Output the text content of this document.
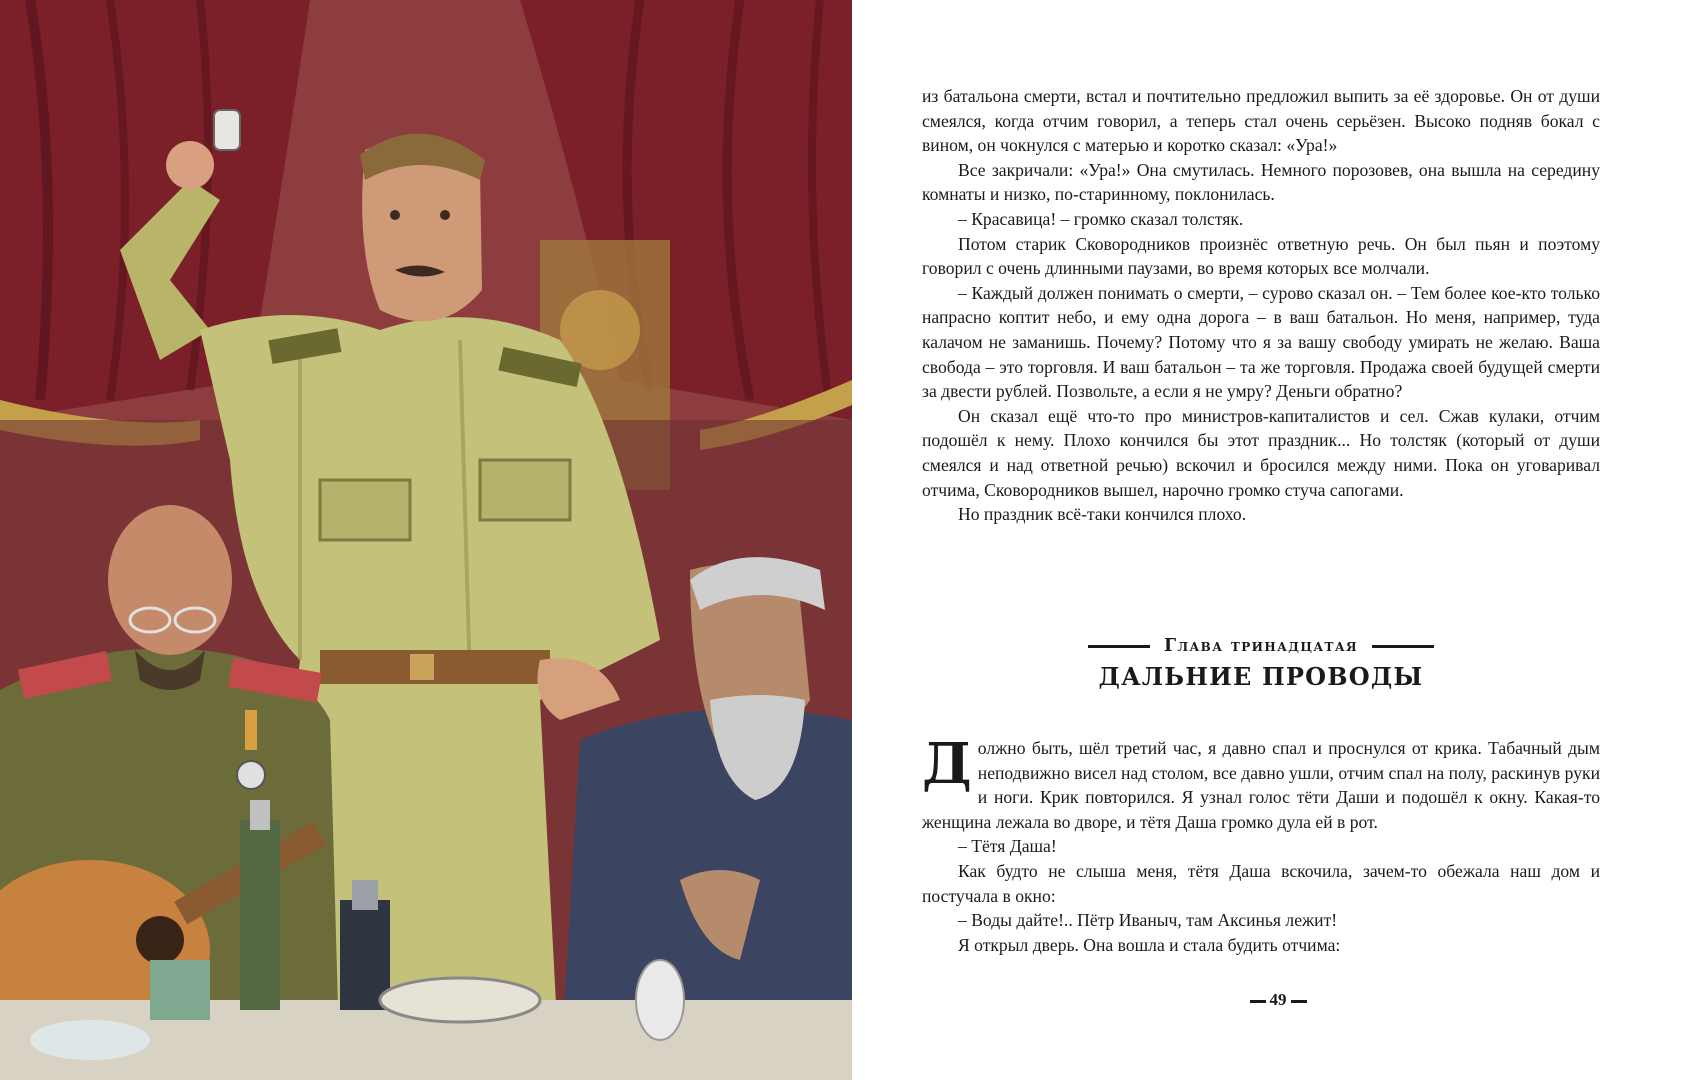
из батальона смерти, встал и почтительно предложил выпить за её здоровье. Он от души смеялся, когда отчим говорил, а теперь стал очень серьёзен. Высоко подняв бокал с вином, он чокнулся с матерью и коротко сказал: «Ура!»

Все закричали: «Ура!» Она смутилась. Немного порозовев, она вышла на середину комнаты и низко, по-старинному, поклонилась.

– Красавица! – громко сказал толстяк.

Потом старик Сковородников произнёс ответную речь. Он был пьян и поэтому говорил с очень длинными паузами, во время которых все молчали.

– Каждый должен понимать о смерти, – сурово сказал он. – Тем более кое-кто только напрасно коптит небо, и ему одна дорога – в ваш батальон. Но меня, например, туда калачом не заманишь. Почему? Потому что я за вашу свободу умирать не желаю. Ваша свобода – это торговля. И ваш батальон – та же торговля. Продажа своей будущей смерти за двести рублей. Позвольте, а если я не умру? Деньги обратно?

Он сказал ещё что-то про министров-капиталистов и сел. Сжав кулаки, отчим подошёл к нему. Плохо кончился бы этот праздник... Но толстяк (который от души смеялся и над ответной речью) вскочил и бросился между ними. Пока он уговаривал отчима, Сковородников вышел, нарочно громко стуча сапогами.

Но праздник всё-таки кончился плохо.

Глава тринадцатая
ДАЛЬНИЕ ПРОВОДЫ

Должно быть, шёл третий час, я давно спал и проснулся от крика. Табачный дым неподвижно висел над столом, все давно ушли, отчим спал на полу, раскинув руки и ноги. Крик повторился. Я узнал голос тёти Даши и подошёл к окну. Какая-то женщина лежала во дворе, и тётя Даша громко дула ей в рот.

– Тётя Даша!

Как будто не слыша меня, тётя Даша вскочила, зачем-то обежала наш дом и постучала в окно:

– Воды дайте!.. Пётр Иваныч, там Аксинья лежит!

Я открыл дверь. Она вошла и стала будить отчима:

49
